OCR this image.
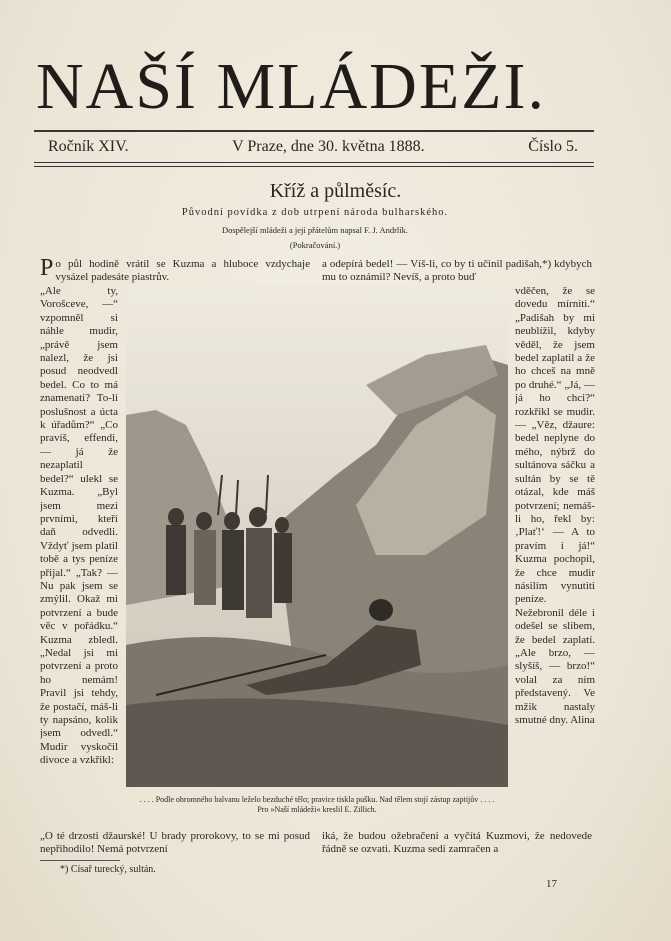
NAŠÍ MLÁDEŽI.
Ročník XIV.	V Praze, dne 30. května 1888.	Číslo 5.
Kříž a půlměsíc.
Původní povídka z dob utrpení národa bulharského.
Dospělejší mládeži a její přátelům napsal F. J. Andrlík.
(Pokračování.)
P o půl hodině vrátil se Kuzma a hluboce vzdychaje vysázel padesáte piastrův.
a odepírá bedel! — Víš-li, co by ti učinil padišah,*) kdybych mu to oznámil? Nevíš, a proto buď
„Ale ty, Vorošceve, —“ vzpomněl si náhle mudir, „právě jsem nalezl, že jsi posud neodvedl bedel. Co to má znamenati? To-li poslušnost a úcta k úřadům?“ „Co pravíš, effendi, — já že nezaplatil bedel?“ ulekl se Kuzma. „Byl jsem mezi prvními, kteří daň odvedli. Vždyť jsem platil tobě a tys peníze přijal.“ „Tak? — Nu pak jsem se zmýlil. Okaž mi potvrzení a bude věc v pořádku.“ Kuzma zbledl. „Nedal jsi mi potvrzení a proto ho nemám! Pravil jsi tehdy, že postačí, máš-li ty napsáno, kolik jsem odvedl.“ Mudir vyskočil divoce a vzkřikl:
vděčen, že se dovedu mírniti.“ „Padišah by mi neublížil, kdyby věděl, že jsem bedel zaplatil a že ho chceš na mně po druhé.“ „Já, — já ho chci?“ rozkřikl se mudir. — „Věz, džaure: bedel neplyne do mého, nýbrž do sultánova sáčku a sultán by se tě otázal, kde máš potvrzení; nemáš-li ho, řekl by: ‚Plať!‘ — A to pravím i já!“ Kuzma pochopil, že chce mudir násilím vynutiti peníze. Nežebronil déle i odešel se slibem, že bedel zaplatí. „Ale brzo, — slyšíš, — brzo!“ volal za ním představený. Ve mžik nastaly smutné dny. Alina
. . . . Podle ohromného balvanu leželo bezduché tělo; pravice tiskla pušku. Nad tělem stojí zástup zaptijův . . . .
Pro »Naší mládeži« kreslil E. Zillich.
„O té drzosti džaurské! U brady prorokovy, to se mi posud nepřihodilo! Nemá potvrzení
iká, že budou ožebračeni a vyčítá Kuzmovi, že nedovede řádně se ozvati. Kuzma sedí zamračen a
*) Císař turecký, sultán.
17
